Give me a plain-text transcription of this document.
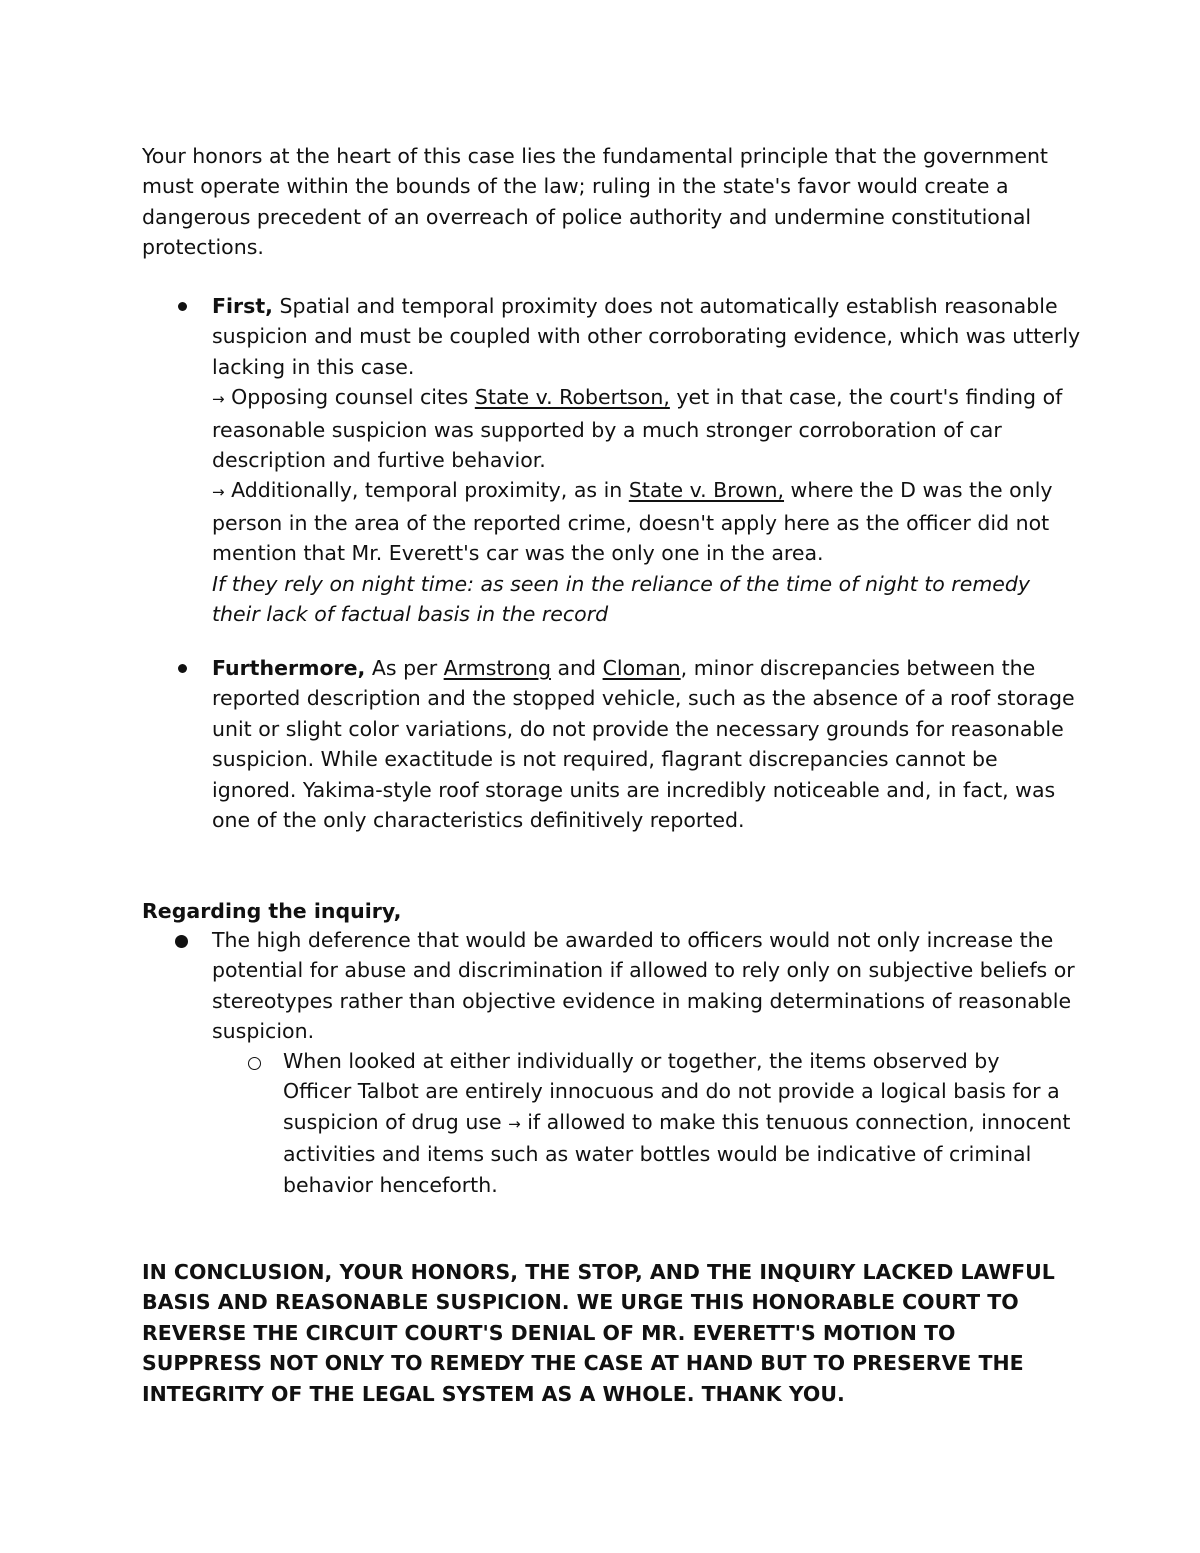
Your honors at the heart of this case lies the fundamental principle that the government must operate within the bounds of the law; ruling in the state's favor would create a dangerous precedent of an overreach of police authority and undermine constitutional protections.

First, Spatial and temporal proximity does not automatically establish reasonable suspicion and must be coupled with other corroborating evidence, which was utterly lacking in this case.
→ Opposing counsel cites State v. Robertson, yet in that case, the court's finding of reasonable suspicion was supported by a much stronger corroboration of car description and furtive behavior.
→ Additionally, temporal proximity, as in State v. Brown, where the D was the only person in the area of the reported crime, doesn't apply here as the officer did not mention that Mr. Everett's car was the only one in the area.
If they rely on night time: as seen in the reliance of the time of night to remedy their lack of factual basis in the record
Furthermore, As per Armstrong and Cloman, minor discrepancies between the reported description and the stopped vehicle, such as the absence of a roof storage unit or slight color variations, do not provide the necessary grounds for reasonable suspicion. While exactitude is not required, flagrant discrepancies cannot be ignored. Yakima-style roof storage units are incredibly noticeable and, in fact, was one of the only characteristics definitively reported.

Regarding the inquiry,

The high deference that would be awarded to officers would not only increase the potential for abuse and discrimination if allowed to rely only on subjective beliefs or stereotypes rather than objective evidence in making determinations of reasonable suspicion.
When looked at either individually or together, the items observed by Officer Talbot are entirely innocuous and do not provide a logical basis for a suspicion of drug use → if allowed to make this tenuous connection, innocent activities and items such as water bottles would be indicative of criminal behavior henceforth.

IN CONCLUSION, YOUR HONORS, THE STOP, AND THE INQUIRY LACKED LAWFUL BASIS AND REASONABLE SUSPICION. WE URGE THIS HONORABLE COURT TO REVERSE THE CIRCUIT COURT'S DENIAL OF MR. EVERETT'S MOTION TO SUPPRESS NOT ONLY TO REMEDY THE CASE AT HAND BUT TO PRESERVE THE INTEGRITY OF THE LEGAL SYSTEM AS A WHOLE. THANK YOU.
